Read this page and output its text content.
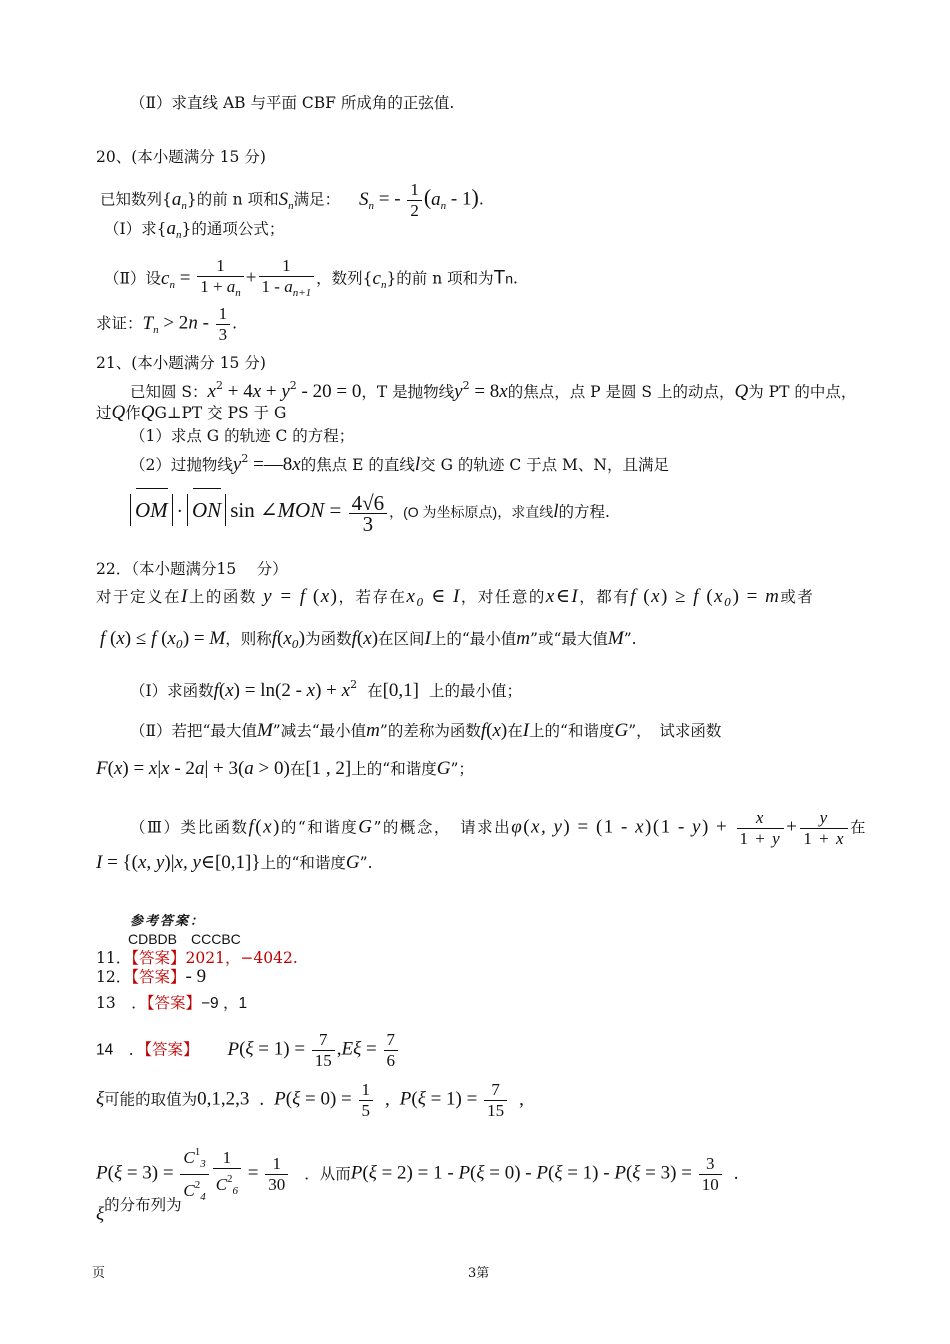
（Ⅱ）求直线 AB 与平面 CBF 所成角的正弦值.
20、(本小题满分 15 分)
已知数列$\{a_n\}$的前 n 项和$S_n$满足： $S_n$ = - $\frac{1}{2} (a_n - 1)$.
（Ⅰ）求$\{a_n\}$的通项公式；
（Ⅱ）设$c_n = \frac{1}{1 + a_n} + \frac{1}{1 - a_{n+1}}$ ，数列$\{c_n\}$的前 n 项和为Tn.
求证：$T_n > 2n - \frac{1}{3}$ .
21、(本小题满分 15 分)
已知圆 S：$x^2 + 4x + y^2 - 20 = 0$，T 是抛物线$y^2 = 8x$的焦点，点 P 是圆 S 上的动点，Q为 PT 的中点，
过Q作QG⊥PT 交 PS 于 G
（1）求点 G 的轨迹 C 的方程；
（2）过抛物线$y^2$ =—8x的焦点 E 的直线l交 G 的轨迹 C 于点 M、N，且满足
OM · ON sin ∠MON = $\frac{4√6}{3}$ ，(O 为坐标原点)，求直线l的方程.
22．（本小题满分15　 分）
对于定义在I上的函数 y = f (x)，若存在$x_0$ ∈ I，对任意的x∈I，都有f (x) ≥ f $(x_0) = m$或者
f (x) ≤ f $(x_0) = M$，则称$f(x_0)$为函数f(x)在区间I上的“最小值m”或“最大值M”.
（Ⅰ）求函数$f(x) = \ln(2 - x) + x^2$ 在[0,1] 上的最小值；
（Ⅱ）若把“最大值M”减去“最小值m”的差称为函数f(x)在I上的“和谐度G”，　试求函数
F(x) = x|x - 2a| + 3(a > 0)在[1 , 2]上的“和谐度G”；
（Ⅲ）类比函数f(x)的“和谐度G”的概念，　请求出φ(x, $y) = (1 - x)(1 - y) + \frac{x}{1 + y} + \frac{y}{1 + x}$ 在
I = {(x, y)|x, y∈[0,1]}上的“和谐度G”.
参考答案：
CDBDB　CCCBC
11．【答案】2021，−4042.
12．【答案】- 9
13　．【答案】−9 ，1
14　．【答案】 $P(\xi = 1) = \frac{7}{15} ,E\xi = \frac{7}{6}$
ξ可能的取值为0,1,2,3 . $P(\xi = 0) = \frac{1}{5}$ , $P(\xi = 1) = \frac{7}{15}$ ,
$P(\xi = 3) = \frac{C^1_3}{C^2_4} \frac{1}{C^2_6} = \frac{1}{30}$ ．从而$P(\xi = 2) = 1 - P(\xi = 0) - P(\xi = 1) - P(\xi = 3) = \frac{3}{10}$ .
ξ的分布列为
页	3第
